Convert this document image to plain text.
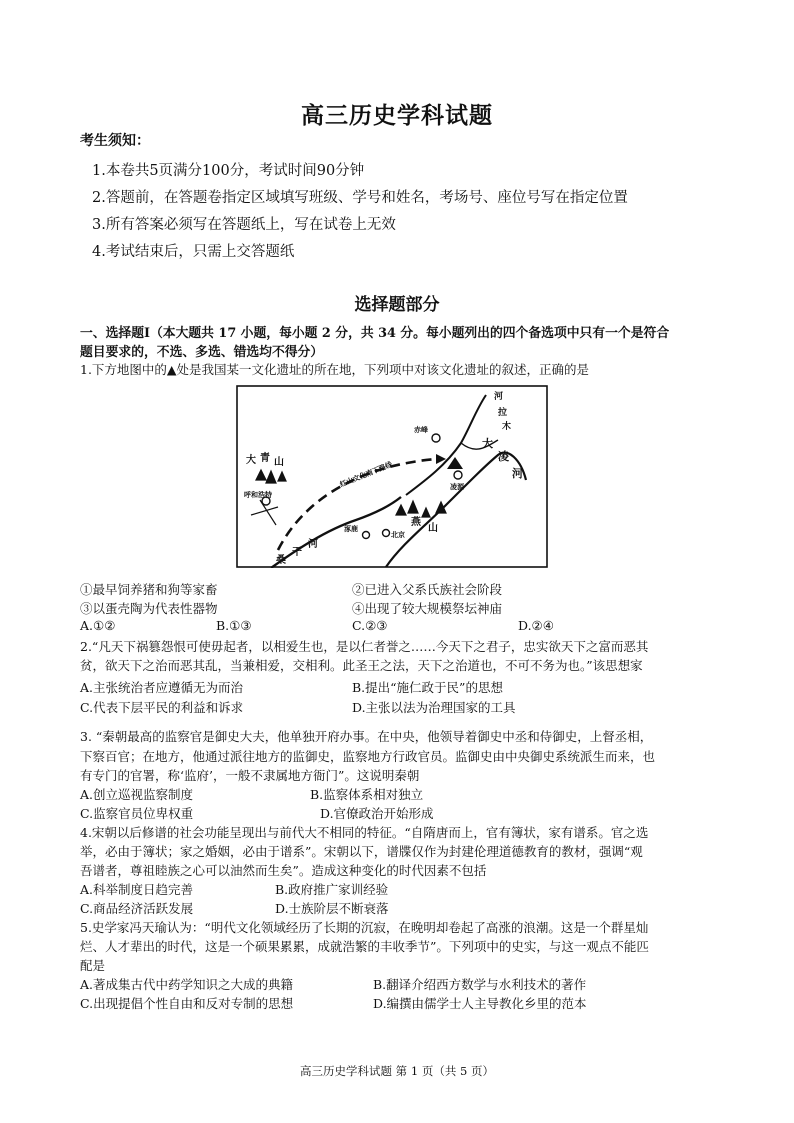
高三历史学科试题
考生须知：
1.本卷共5页满分100分，考试时间90分钟
2.答题前，在答题卷指定区域填写班级、学号和姓名，考场号、座位号写在指定位置
3.所有答案必须写在答题纸上，写在试卷上无效
4.考试结束后，只需上交答题纸
选择题部分
一、选择题Ⅰ（本大题共 17 小题，每小题 2 分，共 34 分。每小题列出的四个备选项中只有一个是符合
题目要求的，不选、多选、错选均不得分）
1.下方地图中的▲处是我国某一文化遗址的所在地，下列项中对该文化遗址的叙述，正确的是
河
拉
木
赤峰
大
凌
河
大 青 山
呼和浩特
红山文化南下路线	凌源
燕
山
涿鹿
北京
桑
干
河
①最早饲养猪和狗等家畜	②已进入父系氏族社会阶段
③以蛋壳陶为代表性器物	④出现了较大规模祭坛神庙
A.①②	B.①③	C.②③	D.②④
2.“凡天下祸篡怨恨可使毋起者，以相爱生也，是以仁者誉之……今天下之君子，忠实欲天下之富而恶其
贫，欲天下之治而恶其乱，当兼相爱，交相利。此圣王之法，天下之治道也，不可不务为也。”该思想家
A.主张统治者应遵循无为而治	B.提出“施仁政于民”的思想
C.代表下层平民的利益和诉求	D.主张以法为治理国家的工具
3. “秦朝最高的监察官是御史大夫，他单独开府办事。在中央，他领导着御史中丞和侍御史，上督丞相，
下察百官；在地方，他通过派往地方的监御史，监察地方行政官员。监御史由中央御史系统派生而来，也
有专门的官署，称‘监府’，一般不隶属地方衙门”。这说明秦朝
A.创立巡视监察制度	B.监察体系相对独立
C.监察官员位卑权重	D.官僚政治开始形成
4.宋朝以后修谱的社会功能呈现出与前代大不相同的特征。“自隋唐而上，官有簿状，家有谱系。官之选
举，必由于簿状；家之婚姻，必由于谱系”。宋朝以下，谱牒仅作为封建伦理道德教育的教材，强调“观
吾谱者，尊祖睦族之心可以油然而生矣”。造成这种变化的时代因素不包括
A.科举制度日趋完善	B.政府推广家训经验
C.商品经济活跃发展	D.士族阶层不断衰落
5.史学家冯天瑜认为：“明代文化领域经历了长期的沉寂，在晚明却卷起了高涨的浪潮。这是一个群星灿
烂、人才辈出的时代，这是一个硕果累累，成就浩繁的丰收季节”。下列项中的史实，与这一观点不能匹
配是
A.著成集古代中药学知识之大成的典籍	B.翻译介绍西方数学与水利技术的著作
C.出现提倡个性自由和反对专制的思想	D.编撰由儒学士人主导教化乡里的范本
高三历史学科试题 第 1 页（共 5 页）
